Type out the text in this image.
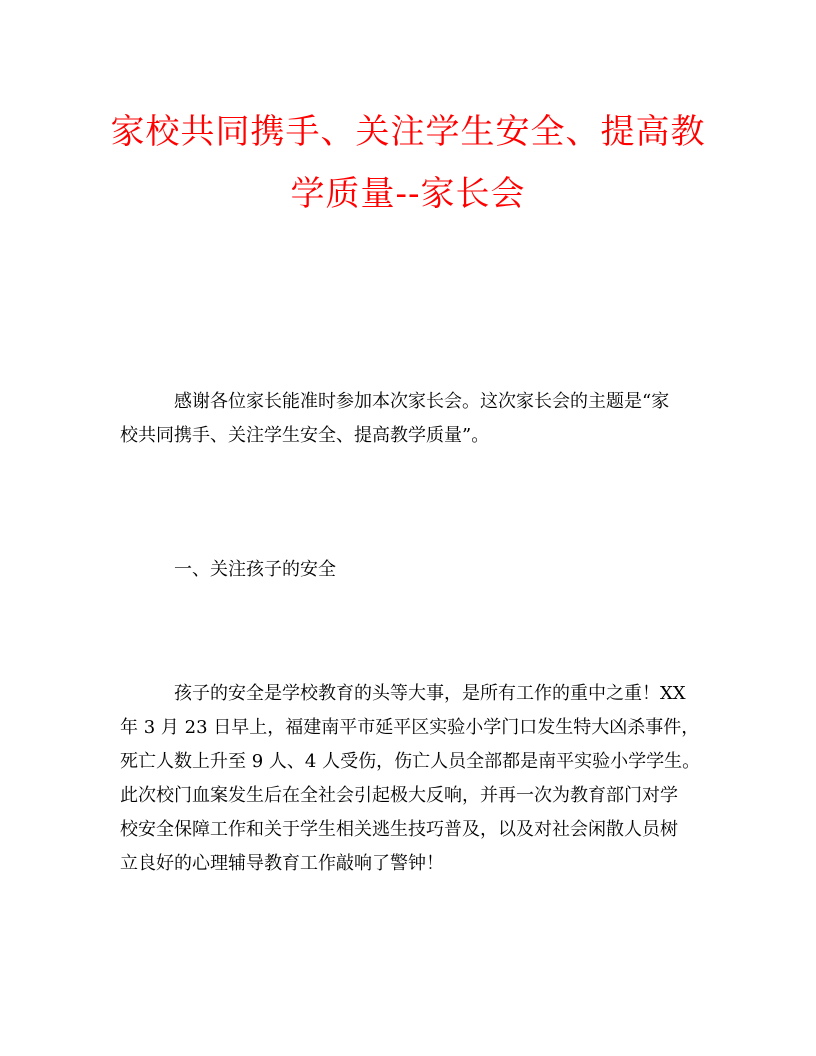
家校共同携手、关注学生安全、提高教
学质量--家长会
感谢各位家长能准时参加本次家长会。这次家长会的主题是“家
校共同携手、关注学生安全、提高教学质量”。
一、关注孩子的安全
孩子的安全是学校教育的头等大事，是所有工作的重中之重！XX
年 3 月 23 日早上，福建南平市延平区实验小学门口发生特大凶杀事件，
死亡人数上升至 9 人、4 人受伤，伤亡人员全部都是南平实验小学学生。
此次校门血案发生后在全社会引起极大反响，并再一次为教育部门对学
校安全保障工作和关于学生相关逃生技巧普及，以及对社会闲散人员树
立良好的心理辅导教育工作敲响了警钟！
